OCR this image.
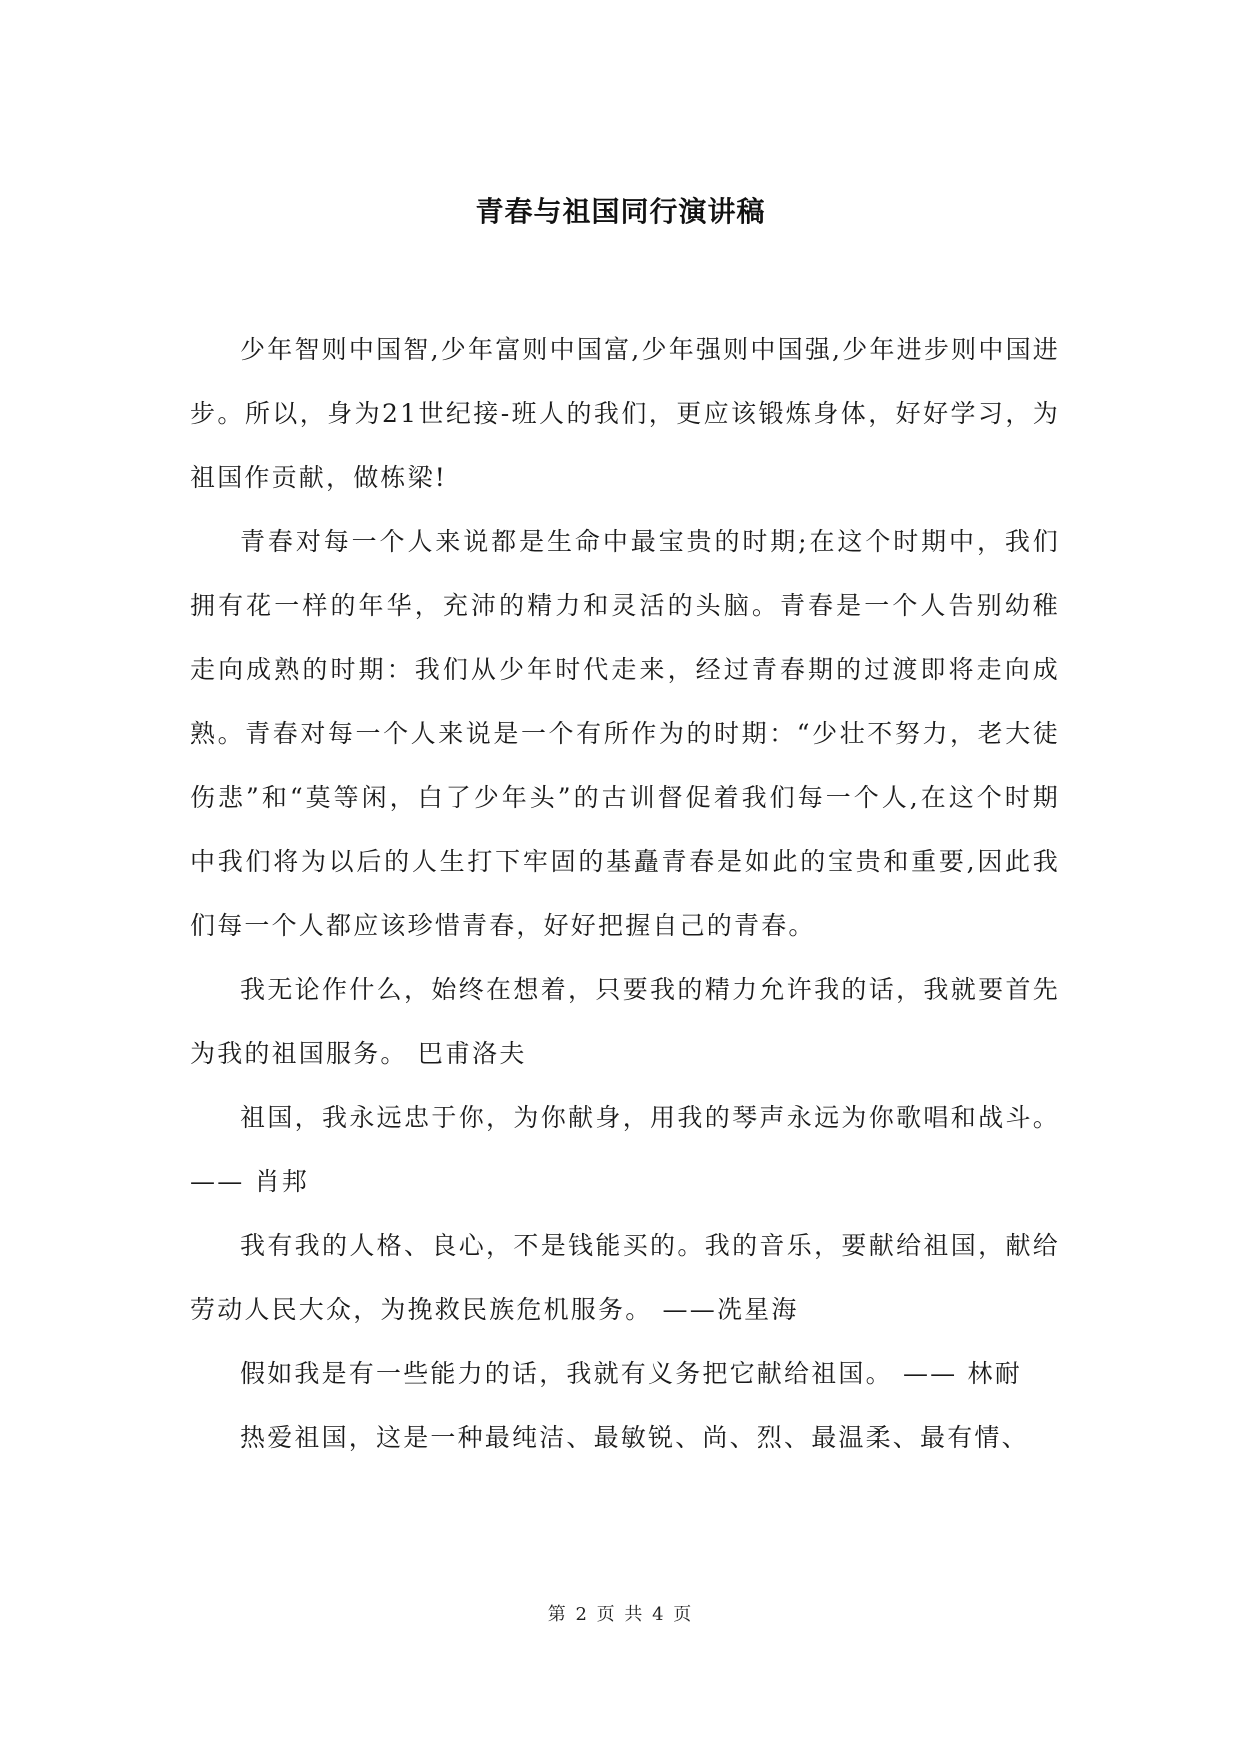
青春与祖国同行演讲稿

少年智则中国智,少年富则中国富,少年强则中国强,少年进步则中国进步。所以，身为21世纪接-班人的我们，更应该锻炼身体，好好学习，为祖国作贡献，做栋梁!

青春对每一个人来说都是生命中最宝贵的时期;在这个时期中，我们拥有花一样的年华，充沛的精力和灵活的头脑。青春是一个人告别幼稚走向成熟的时期：我们从少年时代走来，经过青春期的过渡即将走向成熟。青春对每一个人来说是一个有所作为的时期：“少壮不努力，老大徒伤悲”和“莫等闲，白了少年头”的古训督促着我们每一个人,在这个时期中我们将为以后的人生打下牢固的基矗青春是如此的宝贵和重要,因此我们每一个人都应该珍惜青春，好好把握自己的青春。

我无论作什么，始终在想着，只要我的精力允许我的话，我就要首先为我的祖国服务。 巴甫洛夫

祖国，我永远忠于你，为你献身，用我的琴声永远为你歌唱和战斗。 —— 肖邦

我有我的人格、良心，不是钱能买的。我的音乐，要献给祖国，献给劳动人民大众，为挽救民族危机服务。 ——冼星海

假如我是有一些能力的话，我就有义务把它献给祖国。 —— 林耐

热爱祖国，这是一种最纯洁、最敏锐、尚、烈、最温柔、最有情、

第 2 页 共 4 页
